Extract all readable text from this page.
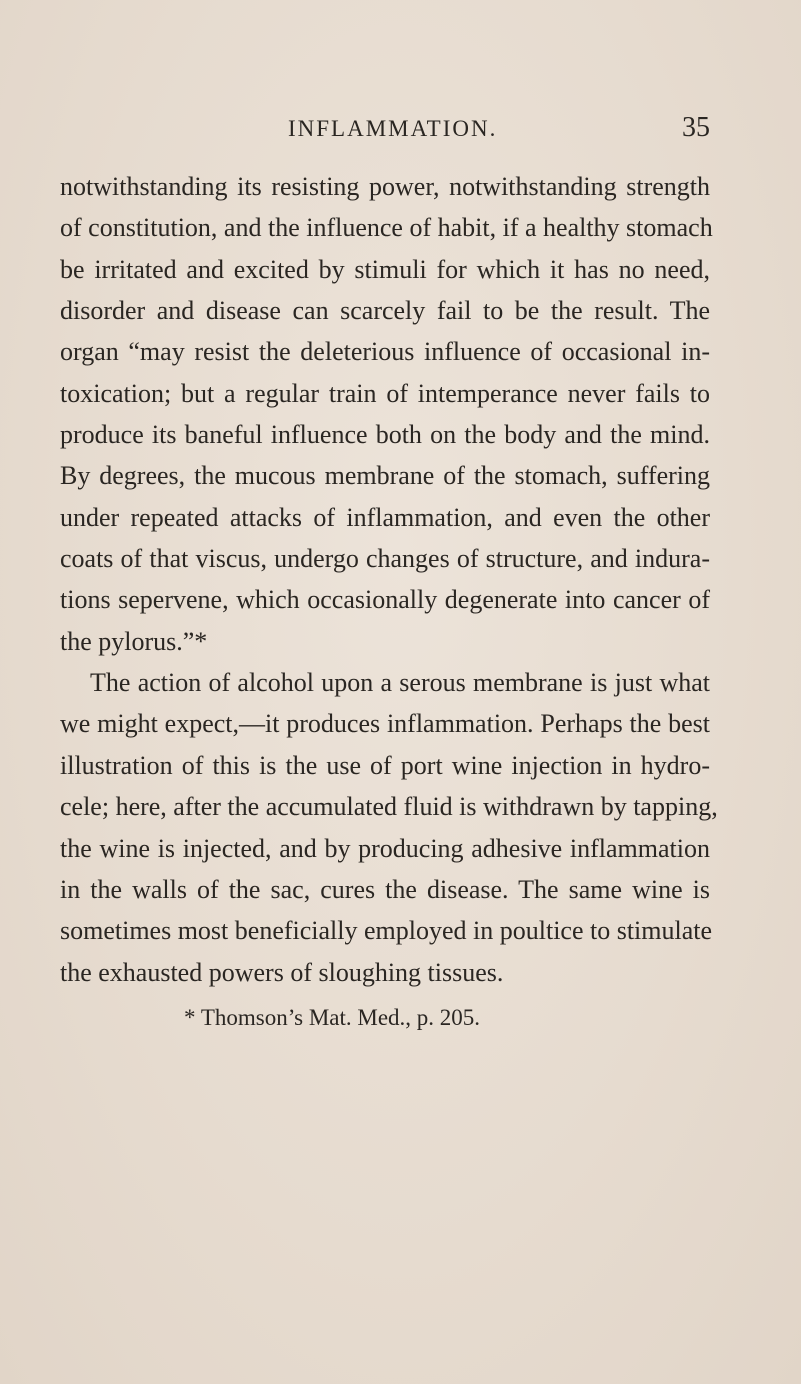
INFLAMMATION.	35
notwithstanding its resisting power, notwithstanding strength
of constitution, and the influence of habit, if a healthy stomach
be irritated and excited by stimuli for which it has no need,
disorder and disease can scarcely fail to be the result. The
organ “may resist the deleterious influence of occasional in-
toxication; but a regular train of intemperance never fails to
produce its baneful influence both on the body and the mind.
By degrees, the mucous membrane of the stomach, suffering
under repeated attacks of inflammation, and even the other
coats of that viscus, undergo changes of structure, and indura-
tions sepervene, which occasionally degenerate into cancer of
the pylorus.”*
The action of alcohol upon a serous membrane is just what
we might expect,—it produces inflammation. Perhaps the best
illustration of this is the use of port wine injection in hydro-
cele; here, after the accumulated fluid is withdrawn by tapping,
the wine is injected, and by producing adhesive inflammation
in the walls of the sac, cures the disease. The same wine is
sometimes most beneficially employed in poultice to stimulate
the exhausted powers of sloughing tissues.
* Thomson’s Mat. Med., p. 205.
